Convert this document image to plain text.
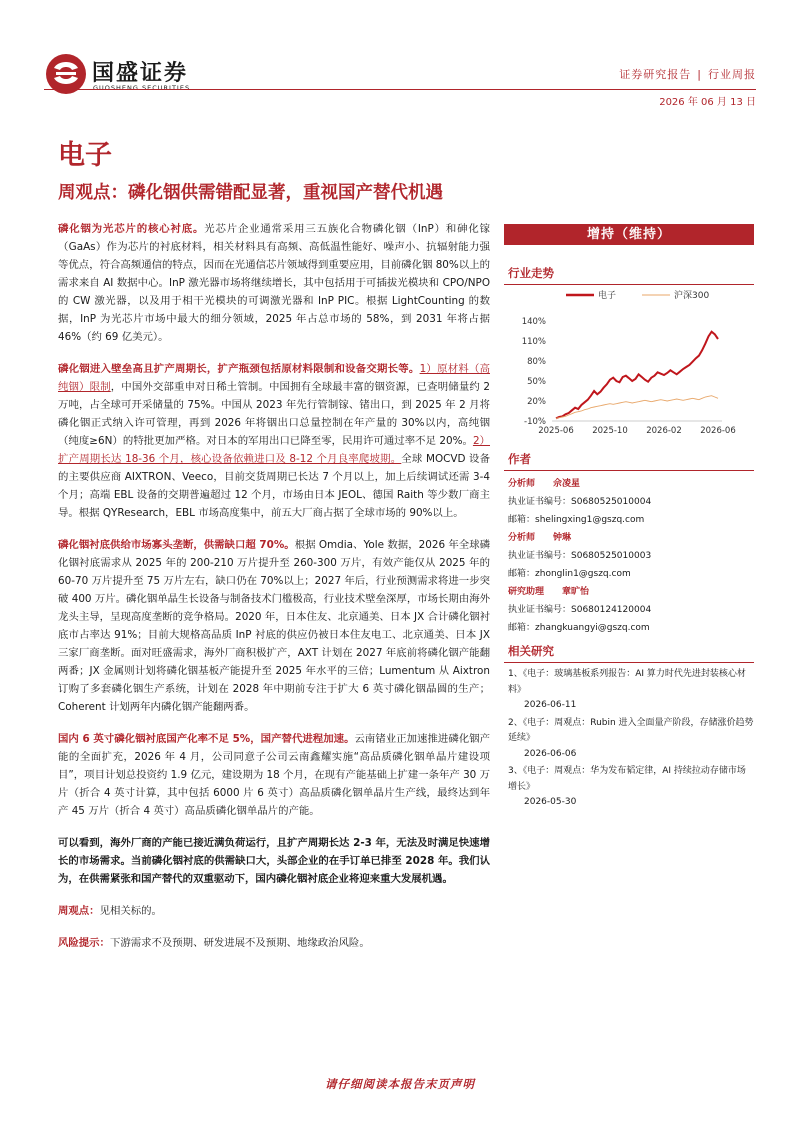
国盛证券
GUOSHENG SECURITIES
证券研究报告 | 行业周报
2026 年 06 月 13 日
电子
周观点：磷化铟供需错配显著，重视国产替代机遇
磷化铟为光芯片的核心衬底。光芯片企业通常采用三五族化合物磷化铟（InP）和砷化镓（GaAs）作为芯片的衬底材料，相关材料具有高频、高低温性能好、噪声小、抗辐射能力强等优点，符合高频通信的特点，因而在光通信芯片领域得到重要应用，目前磷化铟 80%以上的需求来自 AI 数据中心。InP 激光器市场将继续增长，其中包括用于可插拔光模块和 CPO/NPO 的 CW 激光器，以及用于相干光模块的可调激光器和 InP PIC。根据 LightCounting 的数据，InP 为光芯片市场中最大的细分领域，2025 年占总市场的 58%，到 2031 年将占据 46%（约 69 亿美元）。
磷化铟进入壁垒高且扩产周期长，扩产瓶颈包括原材料限制和设备交期长等。1）原材料（高纯铟）限制，中国外交部重申对日稀土管制。中国拥有全球最丰富的铟资源，已查明储量约 2 万吨，占全球可开采储量的 75%。中国从 2023 年先行管制镓、锗出口，到 2025 年 2 月将磷化铟正式纳入许可管理，再到 2026 年将铟出口总量控制在年产量的 30%以内，高纯铟（纯度≥6N）的特批更加严格。对日本的军用出口已降至零，民用许可通过率不足 20%。2）扩产周期长达 18-36 个月，核心设备依赖进口及 8-12 个月良率爬坡期。全球 MOCVD 设备的主要供应商 AIXTRON、Veeco，目前交货周期已长达 7 个月以上，加上后续调试还需 3-4 个月；高端 EBL 设备的交期普遍超过 12 个月，市场由日本 JEOL、德国 Raith 等少数厂商主导。根据 QYResearch，EBL 市场高度集中，前五大厂商占据了全球市场的 90%以上。
磷化铟衬底供给市场寡头垄断，供需缺口超 70%。根据 Omdia、Yole 数据，2026 年全球磷化铟衬底需求从 2025 年的 200-210 万片提升至 260-300 万片，有效产能仅从 2025 年的 60-70 万片提升至 75 万片左右，缺口仍在 70%以上；2027 年后，行业预测需求将进一步突破 400 万片。磷化铟单晶生长设备与制备技术门槛极高，行业技术壁垒深厚，市场长期由海外龙头主导，呈现高度垄断的竞争格局。2020 年，日本住友、北京通美、日本 JX 合计磷化铟衬底市占率达 91%；目前大规格高品质 InP 衬底的供应仍被日本住友电工、北京通美、日本 JX 三家厂商垄断。面对旺盛需求，海外厂商积极扩产，AXT 计划在 2027 年底前将磷化铟产能翻两番；JX 金属则计划将磷化铟基板产能提升至 2025 年水平的三倍；Lumentum 从 Aixtron 订购了多套磷化铟生产系统，计划在 2028 年中期前专注于扩大 6 英寸磷化铟晶圆的生产；Coherent 计划两年内磷化铟产能翻两番。
国内 6 英寸磷化铟衬底国产化率不足 5%，国产替代进程加速。云南锗业正加速推进磷化铟产能的全面扩充，2026 年 4 月，公司同意子公司云南鑫耀实施“高品质磷化铟单晶片建设项目”，项目计划总投资约 1.9 亿元，建设期为 18 个月，在现有产能基础上扩建一条年产 30 万片（折合 4 英寸计算，其中包括 6000 片 6 英寸）高品质磷化铟单晶片生产线，最终达到年产 45 万片（折合 4 英寸）高品质磷化铟单晶片的产能。
可以看到，海外厂商的产能已接近满负荷运行，且扩产周期长达 2-3 年，无法及时满足快速增长的市场需求。当前磷化铟衬底的供需缺口大，头部企业的在手订单已排至 2028 年。我们认为，在供需紧张和国产替代的双重驱动下，国内磷化铟衬底企业将迎来重大发展机遇。
周观点：见相关标的。
风险提示：下游需求不及预期、研发进展不及预期、地缘政治风险。
增持（维持）
行业走势
-10%
20%
50%
80%
110%
140%
2025-06 2025-10 2026-02 2026-06
电子	沪深300
作者
分析师 佘凌星
执业证书编号：S0680525010004
邮箱：shelingxing1@gszq.com
分析师 钟琳
执业证书编号：S0680525010003
邮箱：zhonglin1@gszq.com
研究助理 章旷怡
执业证书编号：S0680124120004
邮箱：zhangkuangyi@gszq.com
相关研究
1、《电子：玻璃基板系列报告：AI 算力时代先进封装核心材料》
2026-06-11
2、《电子：周观点：Rubin 进入全面量产阶段，存储涨价趋势延续》
2026-06-06
3、《电子：周观点：华为发布韬定律，AI 持续拉动存储市场增长》
2026-05-30
请仔细阅读本报告末页声明
